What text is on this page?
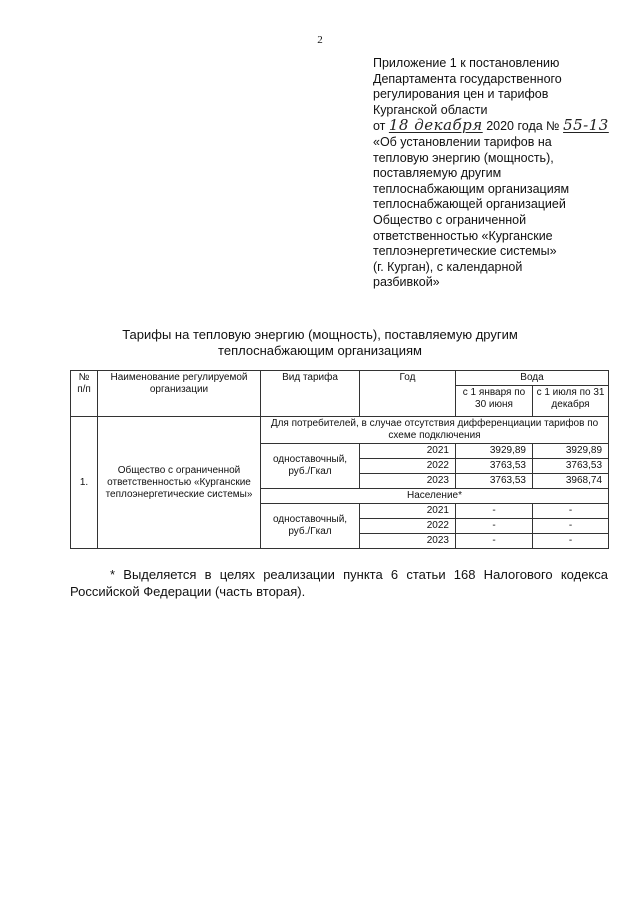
2
Приложение 1 к постановлению
Департамента государственного
регулирования цен и тарифов
Курганской области
от 18 декабря 2020 года № 55-13
«Об установлении тарифов на
тепловую энергию (мощность),
поставляемую другим
теплоснабжающим организациям
теплоснабжающей организацией
Общество с ограниченной
ответственностью «Курганские
теплоэнергетические системы»
(г. Курган), с календарной
разбивкой»
Тарифы на тепловую энергию (мощность), поставляемую другим
теплоснабжающим организациям
№ п/п	Наименование регулируемой организации	Вид тарифа	Год	Вода	
				с 1 января по 30 июня	с 1 июля по 31 декабря
1.	Общество с ограниченной ответственностью «Курганские теплоэнергетические системы»	Для потребителей, в случае отсутствия дифференциации тарифов по схеме подключения			
		одноставочный, руб./Гкал	2021	3929,89	3929,89
			2022	3763,53	3763,53
			2023	3763,53	3968,74
		Население*			
		одноставочный, руб./Гкал	2021	-	-
			2022	-	-
			2023	-	-
* Выделяется в целях реализации пункта 6 статьи 168 Налогового кодекса Российской Федерации (часть вторая).
